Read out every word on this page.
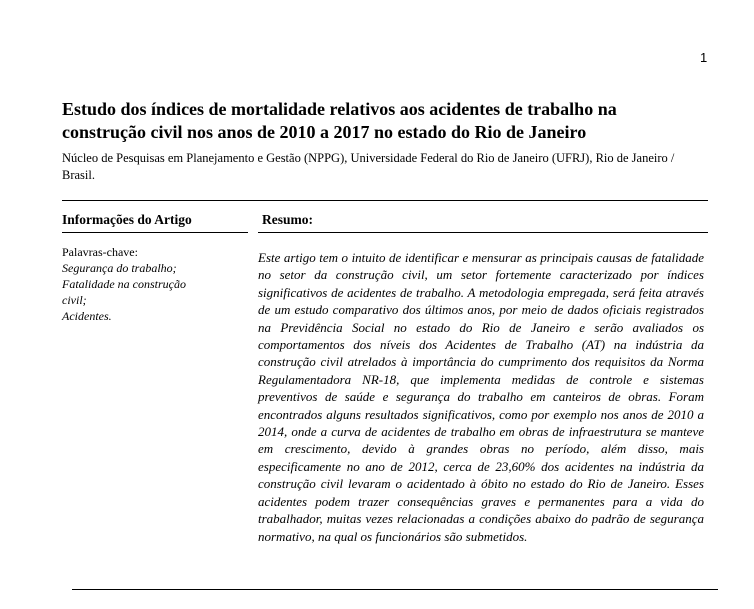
1
Estudo dos índices de mortalidade relativos aos acidentes de trabalho na construção civil nos anos de 2010 a 2017 no estado do Rio de Janeiro

Núcleo de Pesquisas em Planejamento e Gestão (NPPG), Universidade Federal do Rio de Janeiro (UFRJ), Rio de Janeiro / Brasil.

Informações do Artigo	Resumo:
Palavras-chave:
Segurança do trabalho;
Fatalidade na construção civil;
Acidentes.

Este artigo tem o intuito de identificar e mensurar as principais causas de fatalidade no setor da construção civil, um setor fortemente caracterizado por índices significativos de acidentes de trabalho. A metodologia empregada, será feita através de um estudo comparativo dos últimos anos, por meio de dados oficiais registrados na Previdência Social no estado do Rio de Janeiro e serão avaliados os comportamentos dos níveis dos Acidentes de Trabalho (AT) na indústria da construção civil atrelados à importância do cumprimento dos requisitos da Norma Regulamentadora NR-18, que implementa medidas de controle e sistemas preventivos de saúde e segurança do trabalho em canteiros de obras. Foram encontrados alguns resultados significativos, como por exemplo nos anos de 2010 a 2014, onde a curva de acidentes de trabalho em obras de infraestrutura se manteve em crescimento, devido à grandes obras no período, além disso, mais especificamente no ano de 2012, cerca de 23,60% dos acidentes na indústria da construção civil levaram o acidentado à óbito no estado do Rio de Janeiro. Esses acidentes podem trazer consequências graves e permanentes para a vida do trabalhador, muitas vezes relacionadas a condições abaixo do padrão de segurança normativo, na qual os funcionários são submetidos.
